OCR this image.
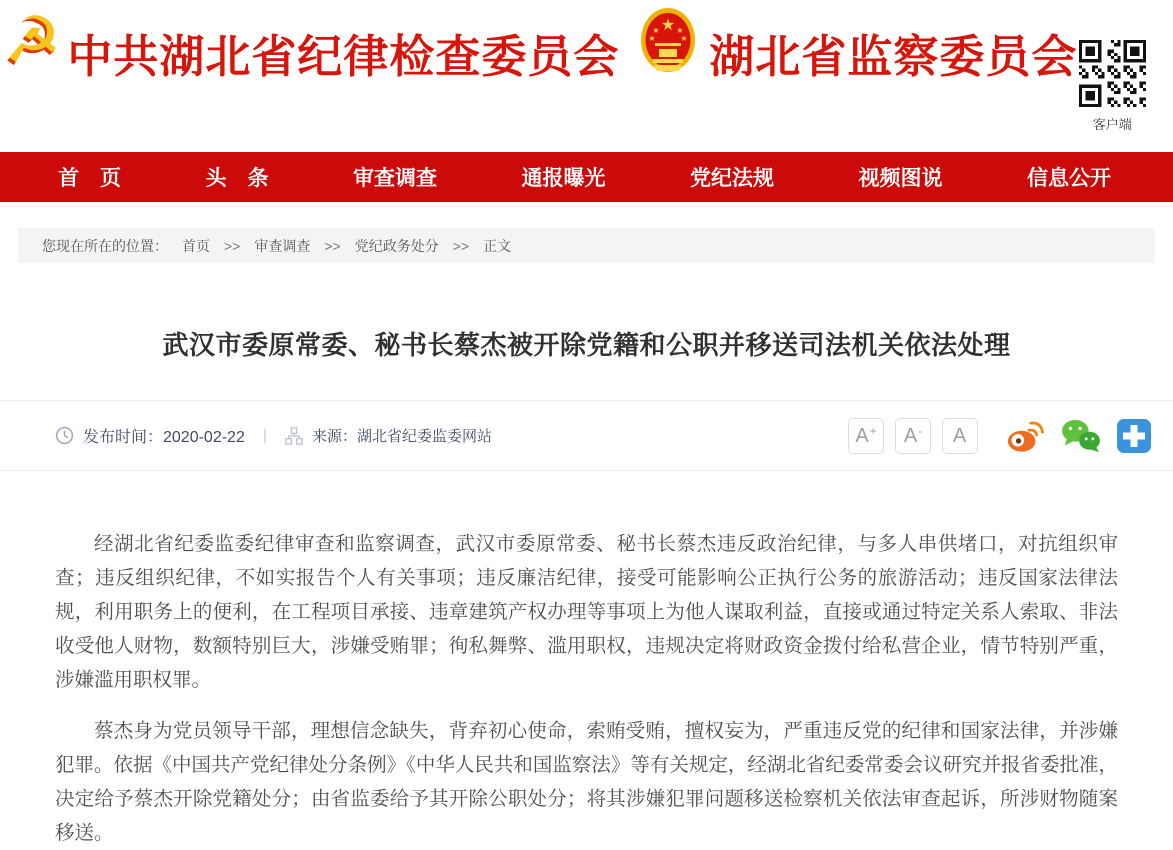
☭ 中共湖北省纪律检查委员会
★
★ ★
★	★ 湖北省监察委员会
客户端
首　页	头　条	审查调查	通报曝光	党纪法规	视频图说	信息公开
您现在所在的位置： 首页 >> 审查调查 >> 党纪政务处分 >> 正文
武汉市委原常委、秘书长蔡杰被开除党籍和公职并移送司法机关依法处理
发布时间：2020-02-22 |	来源：湖北省纪委监委网站	A+ A- A

经湖北省纪委监委纪律审查和监察调查，武汉市委原常委、秘书长蔡杰违反政治纪律，与多人串供堵口，对抗组织审查；违反组织纪律，不如实报告个人有关事项；违反廉洁纪律，接受可能影响公正执行公务的旅游活动；违反国家法律法规，利用职务上的便利，在工程项目承接、违章建筑产权办理等事项上为他人谋取利益，直接或通过特定关系人索取、非法收受他人财物，数额特别巨大，涉嫌受贿罪；徇私舞弊、滥用职权，违规决定将财政资金拨付给私营企业，情节特别严重，涉嫌滥用职权罪。

蔡杰身为党员领导干部，理想信念缺失，背弃初心使命，索贿受贿，擅权妄为，严重违反党的纪律和国家法律，并涉嫌犯罪。依据《中国共产党纪律处分条例》《中华人民共和国监察法》等有关规定，经湖北省纪委常委会议研究并报省委批准，决定给予蔡杰开除党籍处分；由省监委给予其开除公职处分；将其涉嫌犯罪问题移送检察机关依法审查起诉，所涉财物随案移送。
